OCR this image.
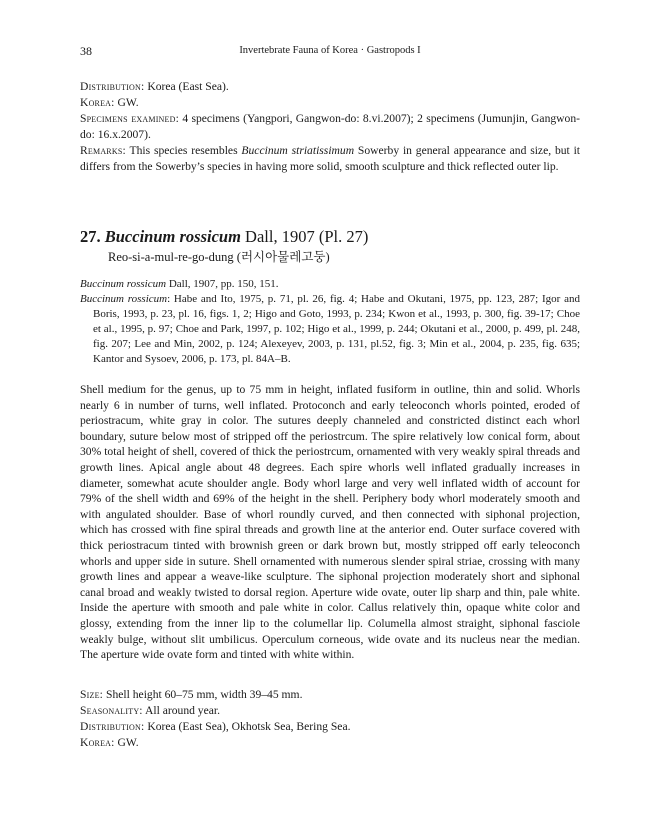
38	Invertebrate Fauna of Korea · Gastropods I
Distribution: Korea (East Sea).
Korea: GW.
Specimens examined: 4 specimens (Yangpori, Gangwon-do: 8.vi.2007); 2 specimens (Jumunjin, Gangwon-do: 16.x.2007).
Remarks: This species resembles Buccinum striatissimum Sowerby in general appearance and size, but it differs from the Sowerby’s species in having more solid, smooth sculpture and thick reflected outer lip.
27. Buccinum rossicum Dall, 1907 (Pl. 27)
Reo-si-a-mul-re-go-dung (러시아물레고둥)
Buccinum rossicum Dall, 1907, pp. 150, 151.
Buccinum rossicum: Habe and Ito, 1975, p. 71, pl. 26, fig. 4; Habe and Okutani, 1975, pp. 123, 287; Igor and Boris, 1993, p. 23, pl. 16, figs. 1, 2; Higo and Goto, 1993, p. 234; Kwon et al., 1993, p. 300, fig. 39-17; Choe et al., 1995, p. 97; Choe and Park, 1997, p. 102; Higo et al., 1999, p. 244; Okutani et al., 2000, p. 499, pl. 248, fig. 207; Lee and Min, 2002, p. 124; Alexeyev, 2003, p. 131, pl.52, fig. 3; Min et al., 2004, p. 235, fig. 635; Kantor and Sysoev, 2006, p. 173, pl. 84A–B.
Shell medium for the genus, up to 75 mm in height, inflated fusiform in outline, thin and solid. Whorls nearly 6 in number of turns, well inflated. Protoconch and early teleoconch whorls pointed, eroded of periostracum, white gray in color. The sutures deeply channeled and constricted distinct each whorl boundary, suture below most of stripped off the periostrcum. The spire relatively low conical form, about 30% total height of shell, covered of thick the periostrcum, ornamented with very weakly spiral threads and growth lines. Apical angle about 48 degrees. Each spire whorls well inflated gradually increases in diameter, somewhat acute shoulder angle. Body whorl large and very well inflated width of account for 79% of the shell width and 69% of the height in the shell. Periphery body whorl moderately smooth and with angulated shoulder. Base of whorl roundly curved, and then connected with siphonal projection, which has crossed with fine spiral threads and growth line at the anterior end. Outer surface covered with thick periostracum tinted with brownish green or dark brown but, mostly stripped off early teleoconch whorls and upper side in suture. Shell ornamented with numerous slender spiral striae, crossing with many growth lines and appear a weave-like sculpture. The siphonal projection moderately short and siphonal canal broad and weakly twisted to dorsal region. Aperture wide ovate, outer lip sharp and thin, pale white. Inside the aperture with smooth and pale white in color. Callus relatively thin, opaque white color and glossy, extending from the inner lip to the columellar lip. Columella almost straight, siphonal fasciole weakly bulge, without slit umbilicus. Operculum corneous, wide ovate and its nucleus near the median. The aperture wide ovate form and tinted with white within.
Size: Shell height 60–75 mm, width 39–45 mm.
Seasonality: All around year.
Distribution: Korea (East Sea), Okhotsk Sea, Bering Sea.
Korea: GW.
